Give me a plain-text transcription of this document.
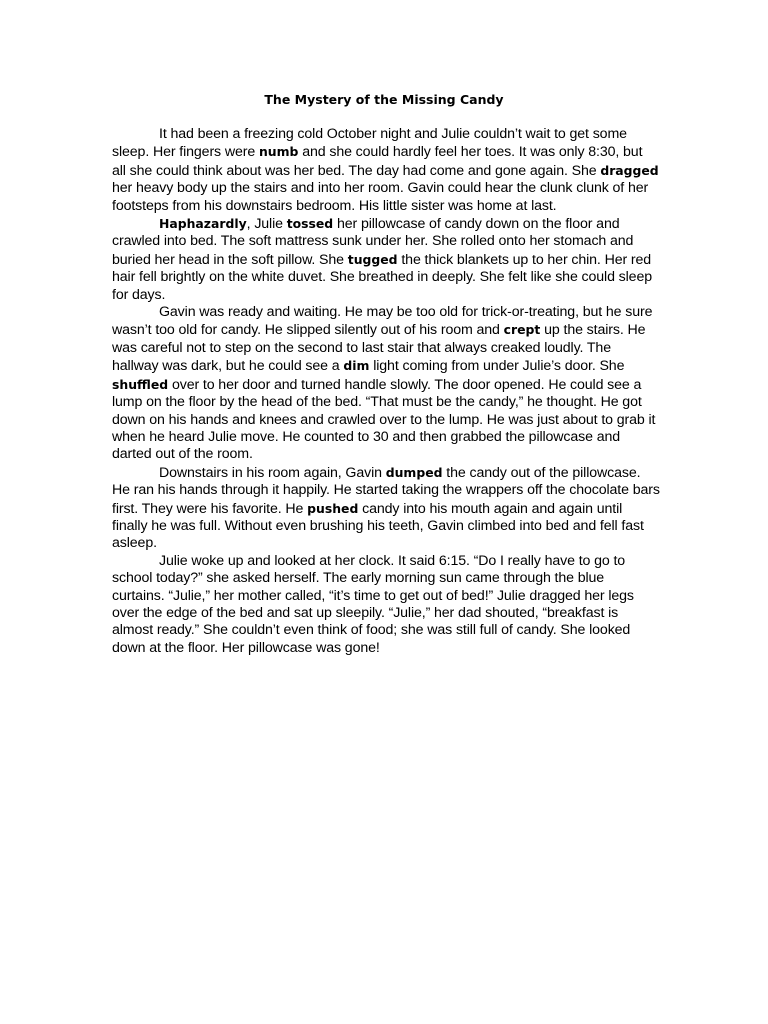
The Mystery of the Missing Candy

It had been a freezing cold October night and Julie couldn’t wait to get some sleep. Her fingers were numb and she could hardly feel her toes. It was only 8:30, but all she could think about was her bed. The day had come and gone again. She dragged her heavy body up the stairs and into her room. Gavin could hear the clunk clunk of her footsteps from his downstairs bedroom. His little sister was home at last.

Haphazardly, Julie tossed her pillowcase of candy down on the floor and crawled into bed. The soft mattress sunk under her. She rolled onto her stomach and buried her head in the soft pillow. She tugged the thick blankets up to her chin. Her red hair fell brightly on the white duvet. She breathed in deeply. She felt like she could sleep for days.

Gavin was ready and waiting. He may be too old for trick-or-treating, but he sure wasn’t too old for candy. He slipped silently out of his room and crept up the stairs. He was careful not to step on the second to last stair that always creaked loudly. The hallway was dark, but he could see a dim light coming from under Julie’s door. She shuffled over to her door and turned handle slowly. The door opened. He could see a lump on the floor by the head of the bed. “That must be the candy,” he thought. He got down on his hands and knees and crawled over to the lump. He was just about to grab it when he heard Julie move. He counted to 30 and then grabbed the pillowcase and darted out of the room.

Downstairs in his room again, Gavin dumped the candy out of the pillowcase. He ran his hands through it happily. He started taking the wrappers off the chocolate bars first. They were his favorite. He pushed candy into his mouth again and again until finally he was full. Without even brushing his teeth, Gavin climbed into bed and fell fast asleep.

Julie woke up and looked at her clock. It said 6:15. “Do I really have to go to school today?” she asked herself. The early morning sun came through the blue curtains. “Julie,” her mother called, “it’s time to get out of bed!” Julie dragged her legs over the edge of the bed and sat up sleepily. “Julie,” her dad shouted, “breakfast is almost ready.” She couldn’t even think of food; she was still full of candy. She looked down at the floor. Her pillowcase was gone!
